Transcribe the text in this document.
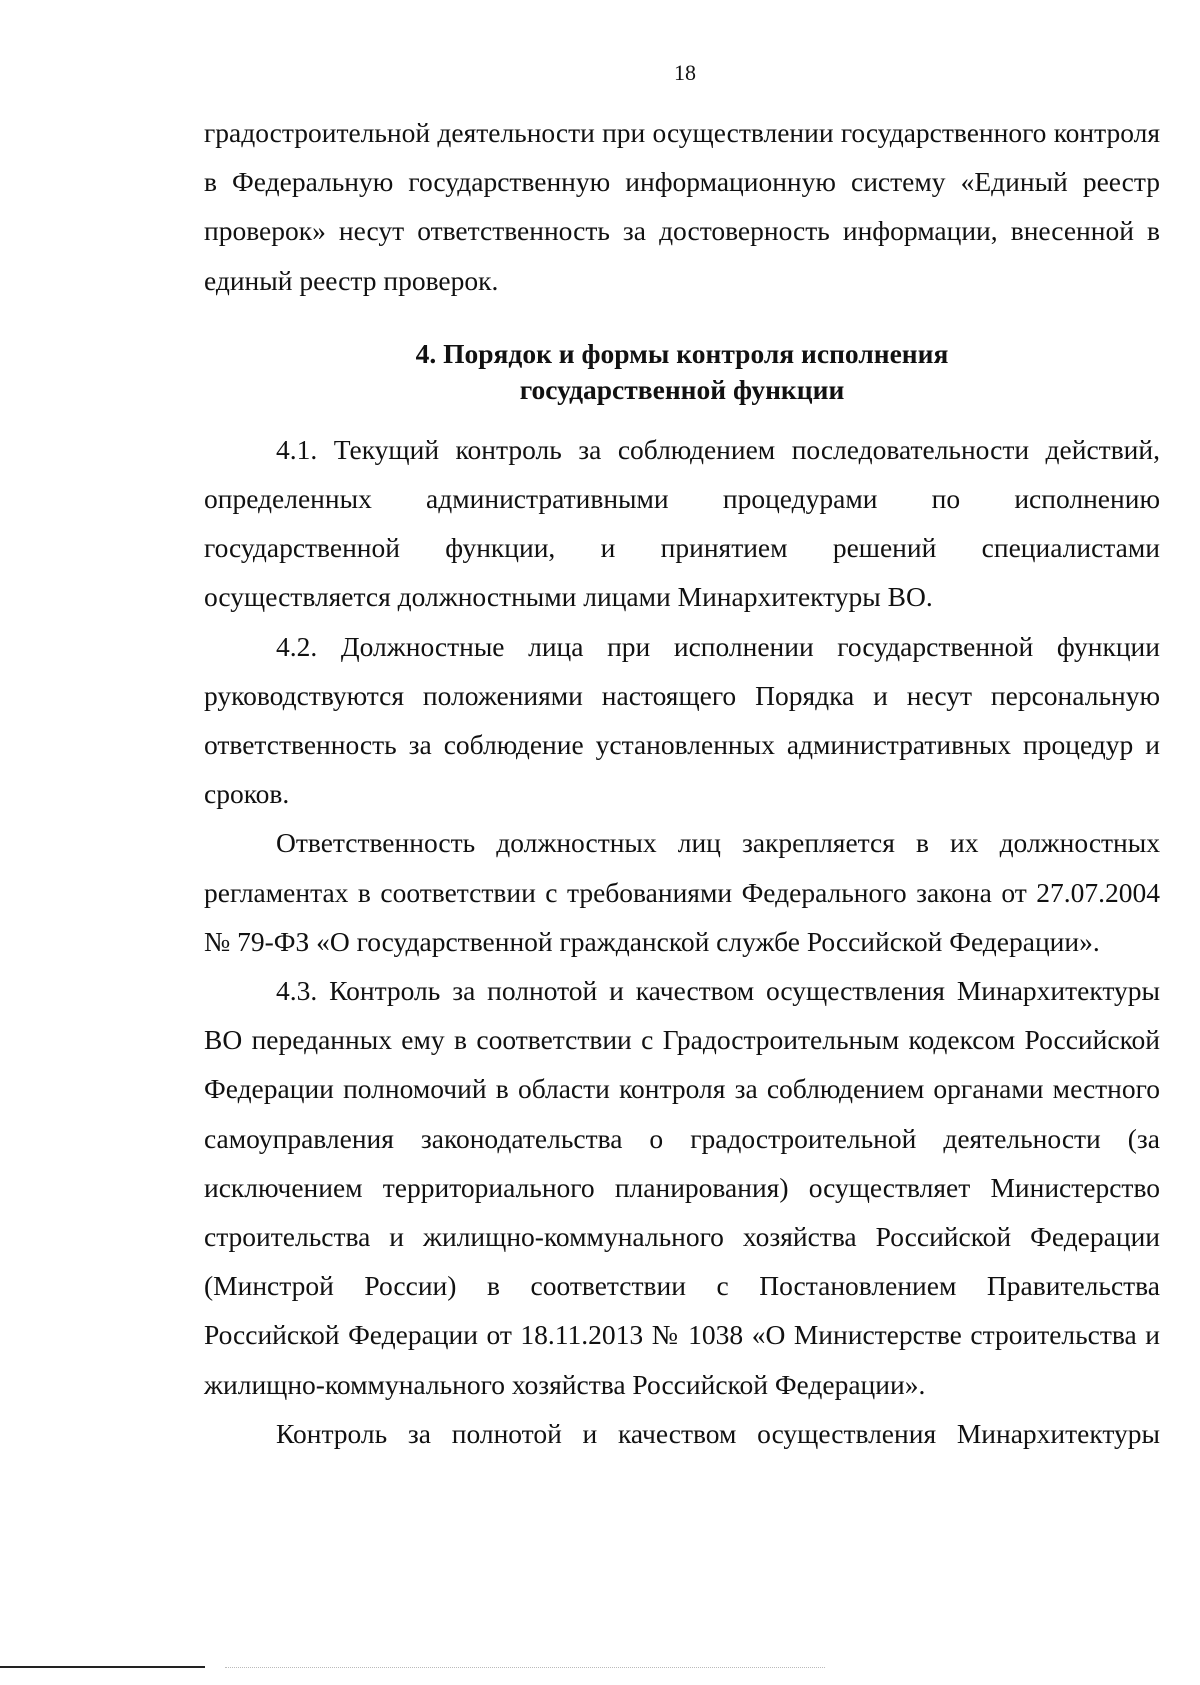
18

градостроительной деятельности при осуществлении государственного контроля в Федеральную государственную информационную систему «Единый реестр проверок» несут ответственность за достоверность информации, внесенной в единый реестр проверок.

4. Порядок и формы контроля исполнения
государственной функции

4.1. Текущий контроль за соблюдением последовательности действий, определенных административными процедурами по исполнению государственной функции, и принятием решений специалистами осуществляется должностными лицами Минархитектуры ВО.

4.2. Должностные лица при исполнении государственной функции руководствуются положениями настоящего Порядка и несут персональную ответственность за соблюдение установленных административных процедур и сроков.

Ответственность должностных лиц закрепляется в их должностных регламентах в соответствии с требованиями Федерального закона от 27.07.2004 № 79-ФЗ «О государственной гражданской службе Российской Федерации».

4.3. Контроль за полнотой и качеством осуществления Минархитектуры ВО переданных ему в соответствии с Градостроительным кодексом Российской Федерации полномочий в области контроля за соблюдением органами местного самоуправления законодательства о градостроительной деятельности (за исключением территориального планирования) осуществляет Министерство строительства и жилищно-коммунального хозяйства Российской Федерации (Минстрой России) в соответствии с Постановлением Правительства Российской Федерации от 18.11.2013 № 1038 «О Министерстве строительства и жилищно-коммунального хозяйства Российской Федерации».

Контроль за полнотой и качеством осуществления Минархитектуры
